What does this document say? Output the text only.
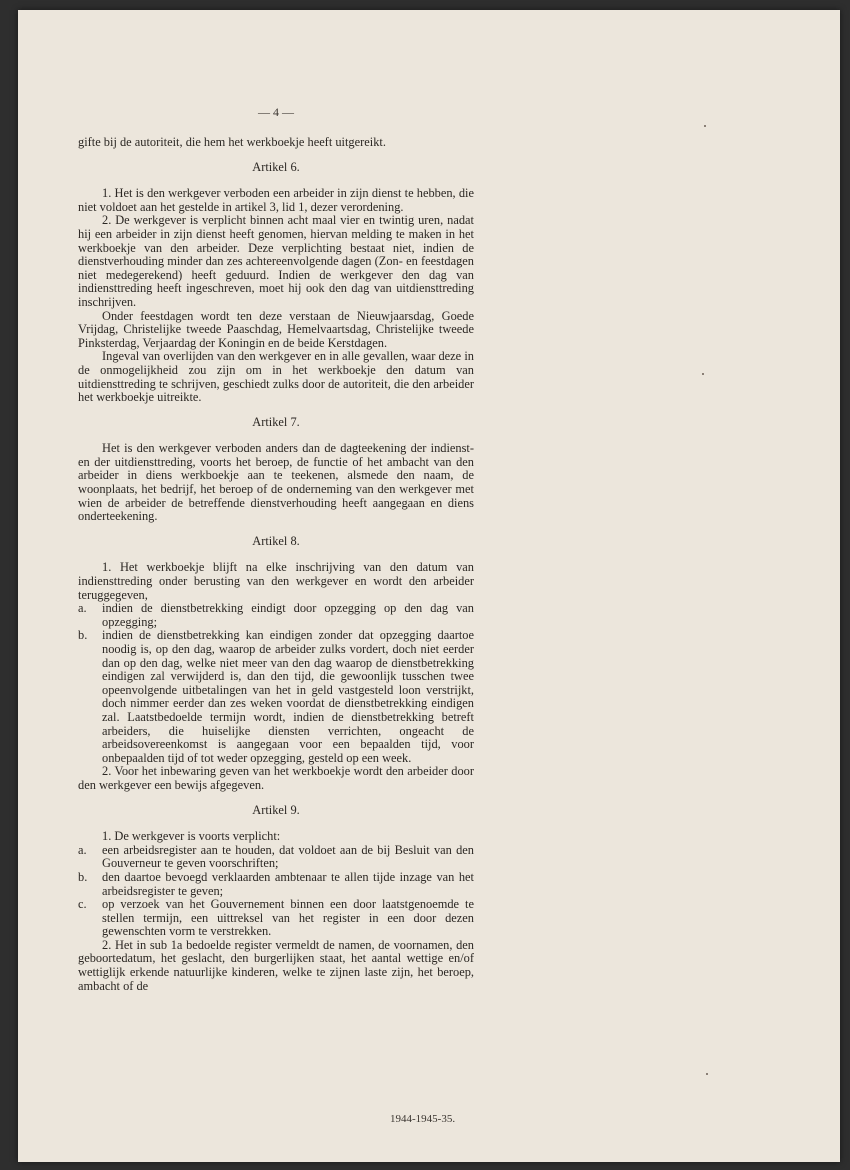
— 4 —

gifte bij de autoriteit, die hem het werkboekje heeft uitgereikt.

Artikel 6.

1. Het is den werkgever verboden een arbeider in zijn dienst te hebben, die niet voldoet aan het gestelde in artikel 3, lid 1, dezer verordening.

2. De werkgever is verplicht binnen acht maal vier en twintig uren, nadat hij een arbeider in zijn dienst heeft genomen, hiervan melding te maken in het werkboekje van den arbeider. Deze verplichting bestaat niet, indien de dienstverhouding minder dan zes achtereenvolgende dagen (Zon- en feestdagen niet medegerekend) heeft geduurd. Indien de werkgever den dag van indiensttreding heeft ingeschreven, moet hij ook den dag van uitdiensttreding inschrijven.

Onder feestdagen wordt ten deze verstaan de Nieuwjaarsdag, Goede Vrijdag, Christelijke tweede Paaschdag, Hemelvaartsdag, Christelijke tweede Pinksterdag, Verjaardag der Koningin en de beide Kerstdagen.

Ingeval van overlijden van den werkgever en in alle gevallen, waar deze in de onmogelijkheid zou zijn om in het werkboekje den datum van uitdiensttreding te schrijven, geschiedt zulks door de autoriteit, die den arbeider het werkboekje uitreikte.

Artikel 7.

Het is den werkgever verboden anders dan de dagteekening der indienst- en der uitdiensttreding, voorts het beroep, de functie of het ambacht van den arbeider in diens werkboekje aan te teekenen, alsmede den naam, de woonplaats, het bedrijf, het beroep of de onderneming van den werkgever met wien de arbeider de betreffende dienstverhouding heeft aangegaan en diens onderteekening.

Artikel 8.

1. Het werkboekje blijft na elke inschrijving van den datum van indiensttreding onder berusting van den werkgever en wordt den arbeider teruggegeven,

a. indien de dienstbetrekking eindigt door opzegging op den dag van opzegging;
b. indien de dienstbetrekking kan eindigen zonder dat opzegging daartoe noodig is, op den dag, waarop de arbeider zulks vordert, doch niet eerder dan op den dag, welke niet meer van den dag waarop de dienstbetrekking eindigen zal verwijderd is, dan den tijd, die gewoonlijk tusschen twee opeenvolgende uitbetalingen van het in geld vastgesteld loon verstrijkt, doch nimmer eerder dan zes weken voordat de dienstbetrekking eindigen zal. Laatstbedoelde termijn wordt, indien de dienstbetrekking betreft arbeiders, die huiselijke diensten verrichten, ongeacht de arbeidsovereenkomst is aangegaan voor een bepaalden tijd, voor onbepaalden tijd of tot weder opzegging, gesteld op een week.

2. Voor het inbewaring geven van het werkboekje wordt den arbeider door den werkgever een bewijs afgegeven.

Artikel 9.

1. De werkgever is voorts verplicht:

a. een arbeidsregister aan te houden, dat voldoet aan de bij Besluit van den Gouverneur te geven voorschriften;
b. den daartoe bevoegd verklaarden ambtenaar te allen tijde inzage van het arbeidsregister te geven;
c. op verzoek van het Gouvernement binnen een door laatstgenoemde te stellen termijn, een uittreksel van het register in een door dezen gewenschten vorm te verstrekken.

2. Het in sub 1a bedoelde register vermeldt de namen, de voornamen, den geboortedatum, het geslacht, den burgerlijken staat, het aantal wettige en/of wettiglijk erkende natuurlijke kinderen, welke te zijnen laste zijn, het beroep, ambacht of de

1944-1945-35.
